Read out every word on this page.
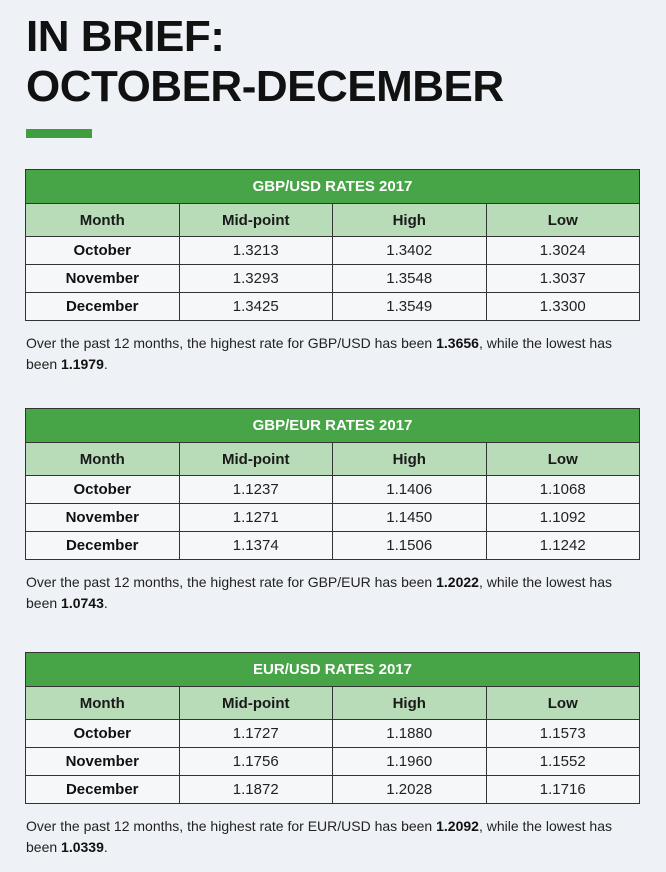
IN BRIEF:
OCTOBER-DECEMBER
GBP/USD RATES 2017			
Month	Mid-point	High	Low
October	1.3213	1.3402	1.3024
November	1.3293	1.3548	1.3037
December	1.3425	1.3549	1.3300

Over the past 12 months, the highest rate for GBP/USD has been 1.3656, while the lowest has been 1.1979.

GBP/EUR RATES 2017			
Month	Mid-point	High	Low
October	1.1237	1.1406	1.1068
November	1.1271	1.1450	1.1092
December	1.1374	1.1506	1.1242

Over the past 12 months, the highest rate for GBP/EUR has been 1.2022, while the lowest has been 1.0743.

EUR/USD RATES 2017			
Month	Mid-point	High	Low
October	1.1727	1.1880	1.1573
November	1.1756	1.1960	1.1552
December	1.1872	1.2028	1.1716

Over the past 12 months, the highest rate for EUR/USD has been 1.2092, while the lowest has been 1.0339.
